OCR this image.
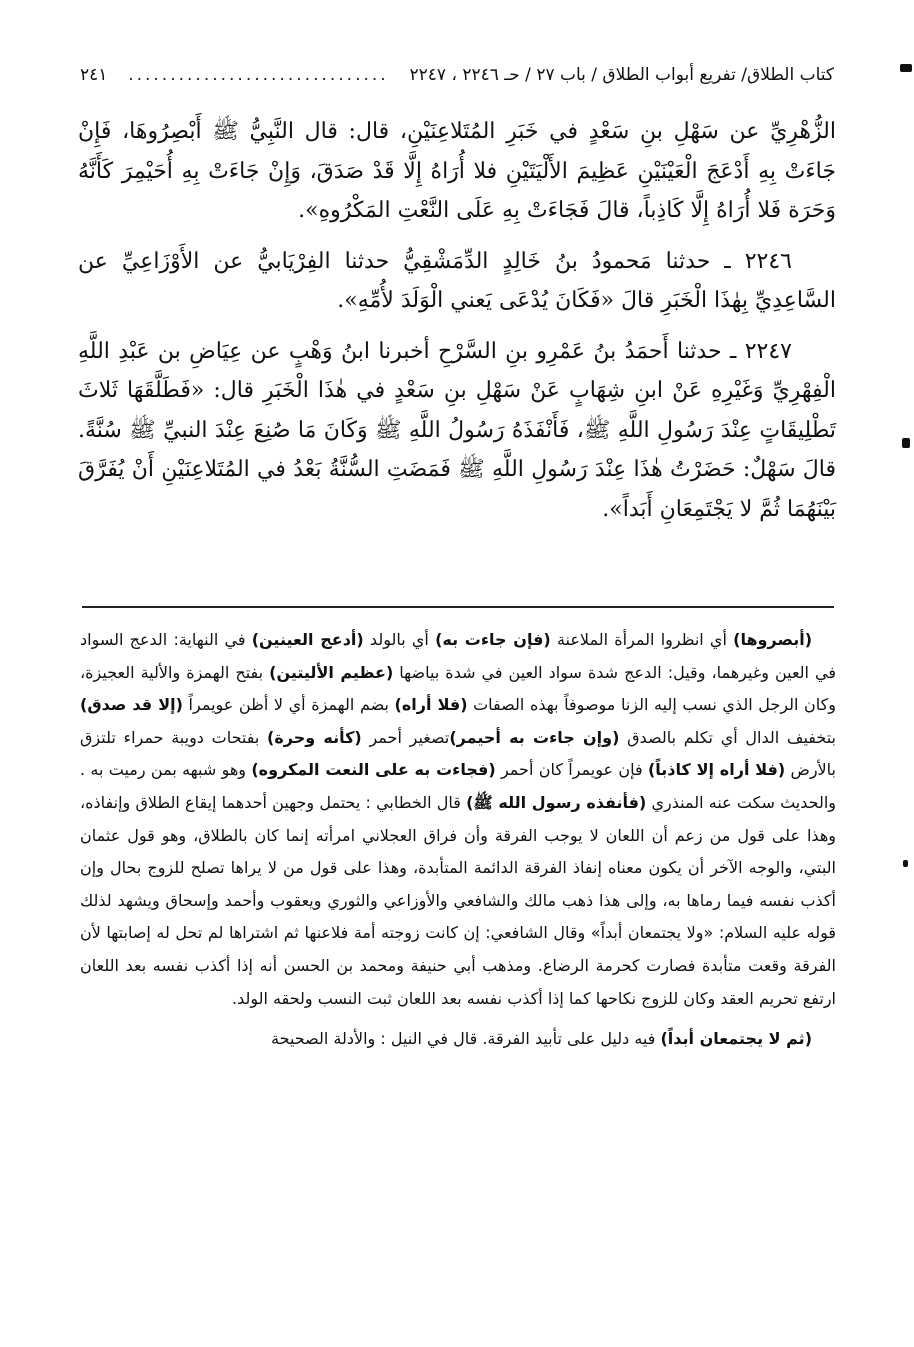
كتاب الطلاق/ تفريع أبواب الطلاق / باب ٢٧ / حـ ٢٢٤٦ ، ٢٢٤٧
...............................
٢٤١

الزُّهْرِيِّ عن سَهْلِ بنِ سَعْدٍ في خَبَرِ المُتَلاعِنَيْنِ، قال: قال النَّبِيُّ ﷺ أَبْصِرُوهَا، فَإِنْ جَاءَتْ بِهِ أَدْعَجَ الْعَيْنَيْنِ عَظِيمَ الأَلْيَتَيْنِ فلا أُرَاهُ إِلَّا قَدْ صَدَقَ، وَإِنْ جَاءَتْ بِهِ أُحَيْمِرَ كَأَنَّهُ وَحَرَة فَلا أُرَاهُ إِلَّا كَاذِباً، قالَ فَجَاءَتْ بِهِ عَلَى النَّعْتِ المَكْرُوهِ».

٢٢٤٦ ـ حدثنا مَحمودُ بنُ خَالِدٍ الدِّمَشْقِيُّ حدثنا الفِرْيَابيُّ عن الأَوْزَاعِيِّ عن السَّاعِدِيِّ بِهٰذَا الْخَبَرِ قالَ «فَكَانَ يُدْعَى يَعني الْوَلَدَ لأُمِّهِ».

٢٢٤٧ ـ حدثنا أَحمَدُ بنُ عَمْرِو بنِ السَّرْحِ أخبرنا ابنُ وَهْبٍ عن عِيَاضِ بن عَبْدِ اللَّهِ الْفِهْرِيِّ وَغَيْرِهِ عَنْ ابنِ شِهَابٍ عَنْ سَهْلِ بنِ سَعْدٍ في هٰذَا الْخَبَرِ قال: «فَطَلَّقَهَا ثَلاثَ تَطْلِيقَاتٍ عِنْدَ رَسُولِ اللَّهِ ﷺ، فَأَنْفَذَهُ رَسُولُ اللَّهِ ﷺ وَكَانَ مَا صُنِعَ عِنْدَ النبيِّ ﷺ سُنَّةً. قالَ سَهْلٌ: حَضَرْتُ هٰذَا عِنْدَ رَسُولِ اللَّهِ ﷺ فَمَضَتِ السُّنَّةُ بَعْدُ في المُتَلاعِنَيْنِ أَنْ يُفَرَّقَ بَيْنَهُمَا ثُمَّ لا يَجْتَمِعَانِ أَبَداً».

(أبصروها) أي انظروا المرأة الملاعنة (فإن جاءت به) أي بالولد (أدعج العينين) في النهاية: الدعج السواد في العين وغيرهما، وقيل: الدعج شدة سواد العين في شدة بياضها (عظيم الأليتين) بفتح الهمزة والألية العجيزة، وكان الرجل الذي نسب إليه الزنا موصوفاً بهذه الصفات (فلا أراه) بضم الهمزة أي لا أظن عويمراً (إلا قد صدق) بتخفيف الدال أي تكلم بالصدق (وإن جاءت به أحيمر)تصغير أحمر (كأنه وحرة) بفتحات دويبة حمراء تلتزق بالأرض (فلا أراه إلا كاذباً) فإن عويمراً كان أحمر (فجاءت به على النعت المكروه) وهو شبهه بمن رميت به . والحديث سكت عنه المنذري (فأنفذه رسول الله ﷺ) قال الخطابي : يحتمل وجهين أحدهما إيقاع الطلاق وإنفاذه، وهذا على قول من زعم أن اللعان لا يوجب الفرقة وأن فراق العجلاني امرأته إنما كان بالطلاق، وهو قول عثمان البتي، والوجه الآخر أن يكون معناه إنفاذ الفرقة الدائمة المتأبدة، وهذا على قول من لا يراها تصلح للزوج بحال وإن أكذب نفسه فيما رماها به، وإلى هذا ذهب مالك والشافعي والأوزاعي والثوري ويعقوب وأحمد وإسحاق ويشهد لذلك قوله عليه السلام: «ولا يجتمعان أبداً» وقال الشافعي: إن كانت زوجته أمة فلاعنها ثم اشتراها لم تحل له إصابتها لأن الفرقة وقعت متأبدة فصارت كحرمة الرضاع. ومذهب أبي حنيفة ومحمد بن الحسن أنه إذا أكذب نفسه بعد اللعان ارتفع تحريم العقد وكان للزوج نكاحها كما إذا أكذب نفسه بعد اللعان ثبت النسب ولحقه الولد.

(ثم لا يجتمعان أبداً) فيه دليل على تأبيد الفرقة. قال في النيل : والأدلة الصحيحة
